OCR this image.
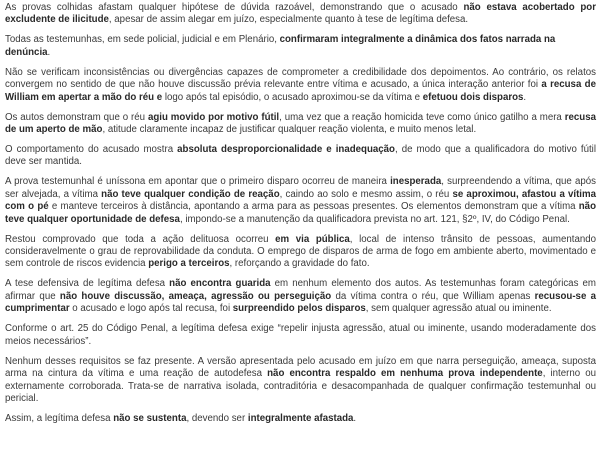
As provas colhidas afastam qualquer hipótese de dúvida razoável, demonstrando que o acusado não estava acobertado por excludente de ilicitude, apesar de assim alegar em juízo, especialmente quanto à tese de legítima defesa.

Todas as testemunhas, em sede policial, judicial e em Plenário, confirmaram integralmente a dinâmica dos fatos narrada na denúncia.

Não se verificam inconsistências ou divergências capazes de comprometer a credibilidade dos depoimentos. Ao contrário, os relatos convergem no sentido de que não houve discussão prévia relevante entre vítima e acusado, a única interação anterior foi a recusa de William em apertar a mão do réu e logo após tal episódio, o acusado aproximou-se da vítima e efetuou dois disparos.

Os autos demonstram que o réu agiu movido por motivo fútil, uma vez que a reação homicida teve como único gatilho a mera recusa de um aperto de mão, atitude claramente incapaz de justificar qualquer reação violenta, e muito menos letal.

O comportamento do acusado mostra absoluta desproporcionalidade e inadequação, de modo que a qualificadora do motivo fútil deve ser mantida.

A prova testemunhal é uníssona em apontar que o primeiro disparo ocorreu de maneira inesperada, surpreendendo a vítima, que após ser alvejada, a vítima não teve qualquer condição de reação, caindo ao solo e mesmo assim, o réu se aproximou, afastou a vítima com o pé e manteve terceiros à distância, apontando a arma para as pessoas presentes. Os elementos demonstram que a vítima não teve qualquer oportunidade de defesa, impondo-se a manutenção da qualificadora prevista no art. 121, §2º, IV, do Código Penal.

Restou comprovado que toda a ação delituosa ocorreu em via pública, local de intenso trânsito de pessoas, aumentando consideravelmente o grau de reprovabilidade da conduta. O emprego de disparos de arma de fogo em ambiente aberto, movimentado e sem controle de riscos evidencia perigo a terceiros, reforçando a gravidade do fato.

A tese defensiva de legítima defesa não encontra guarida em nenhum elemento dos autos. As testemunhas foram categóricas em afirmar que não houve discussão, ameaça, agressão ou perseguição da vítima contra o réu, que William apenas recusou-se a cumprimentar o acusado e logo após tal recusa, foi surpreendido pelos disparos, sem qualquer agressão atual ou iminente.

Conforme o art. 25 do Código Penal, a legítima defesa exige “repelir injusta agressão, atual ou iminente, usando moderadamente dos meios necessários”.

Nenhum desses requisitos se faz presente. A versão apresentada pelo acusado em juízo em que narra perseguição, ameaça, suposta arma na cintura da vítima e uma reação de autodefesa não encontra respaldo em nenhuma prova independente, interno ou externamente corroborada. Trata-se de narrativa isolada, contraditória e desacompanhada de qualquer confirmação testemunhal ou pericial.

Assim, a legítima defesa não se sustenta, devendo ser integralmente afastada.
